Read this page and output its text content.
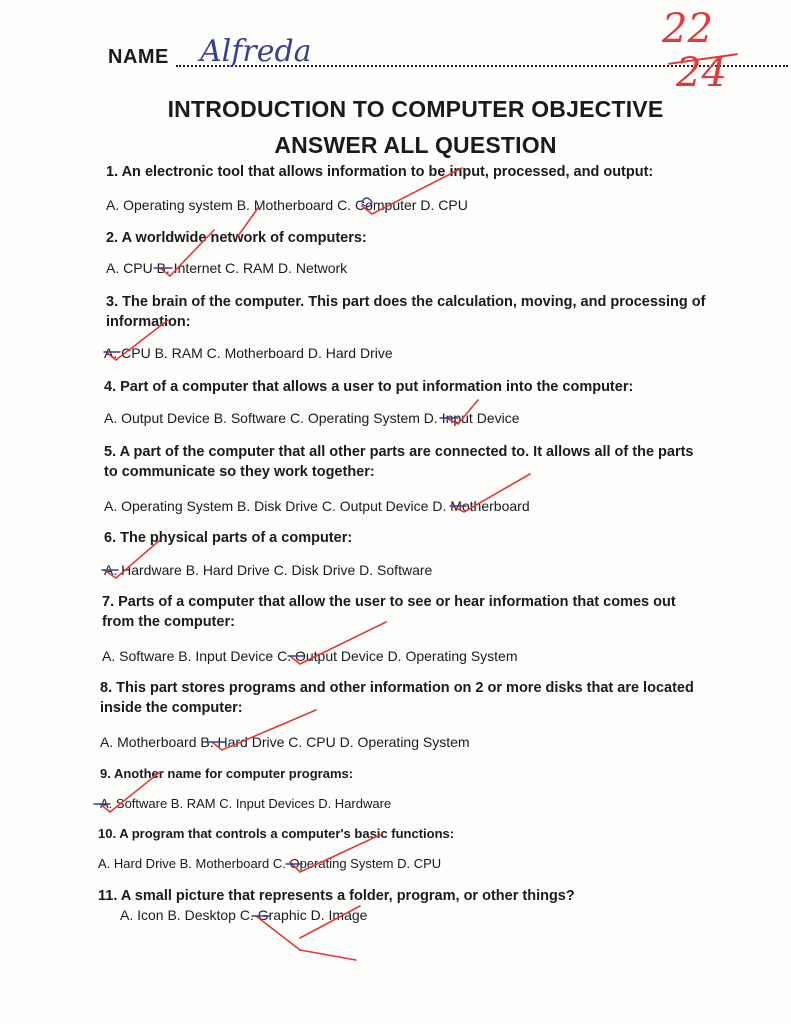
NAME Alfreda	22
24
INTRODUCTION TO COMPUTER OBJECTIVE
ANSWER ALL QUESTION
1. An electronic tool that allows information to be input, processed, and output:
A. Operating system B. Motherboard C. Computer D. CPU
2. A worldwide network of computers:
A. CPU B. Internet C. RAM D. Network
3. The brain of the computer. This part does the calculation, moving, and processing of information:
A. CPU B. RAM C. Motherboard D. Hard Drive
4. Part of a computer that allows a user to put information into the computer:
A. Output Device B. Software C. Operating System D. Input Device
5. A part of the computer that all other parts are connected to. It allows all of the parts to communicate so they work together:
A. Operating System B. Disk Drive C. Output Device D. Motherboard
6. The physical parts of a computer:
A. Hardware B. Hard Drive C. Disk Drive D. Software
7. Parts of a computer that allow the user to see or hear information that comes out from the computer:
A. Software B. Input Device C. Output Device D. Operating System
8. This part stores programs and other information on 2 or more disks that are located inside the computer:
A. Motherboard B. Hard Drive C. CPU D. Operating System
9. Another name for computer programs:
A. Software B. RAM C. Input Devices D. Hardware
10. A program that controls a computer's basic functions:
A. Hard Drive B. Motherboard C. Operating System D. CPU
11. A small picture that represents a folder, program, or other things?
A. Icon B. Desktop C. Graphic D. Image
